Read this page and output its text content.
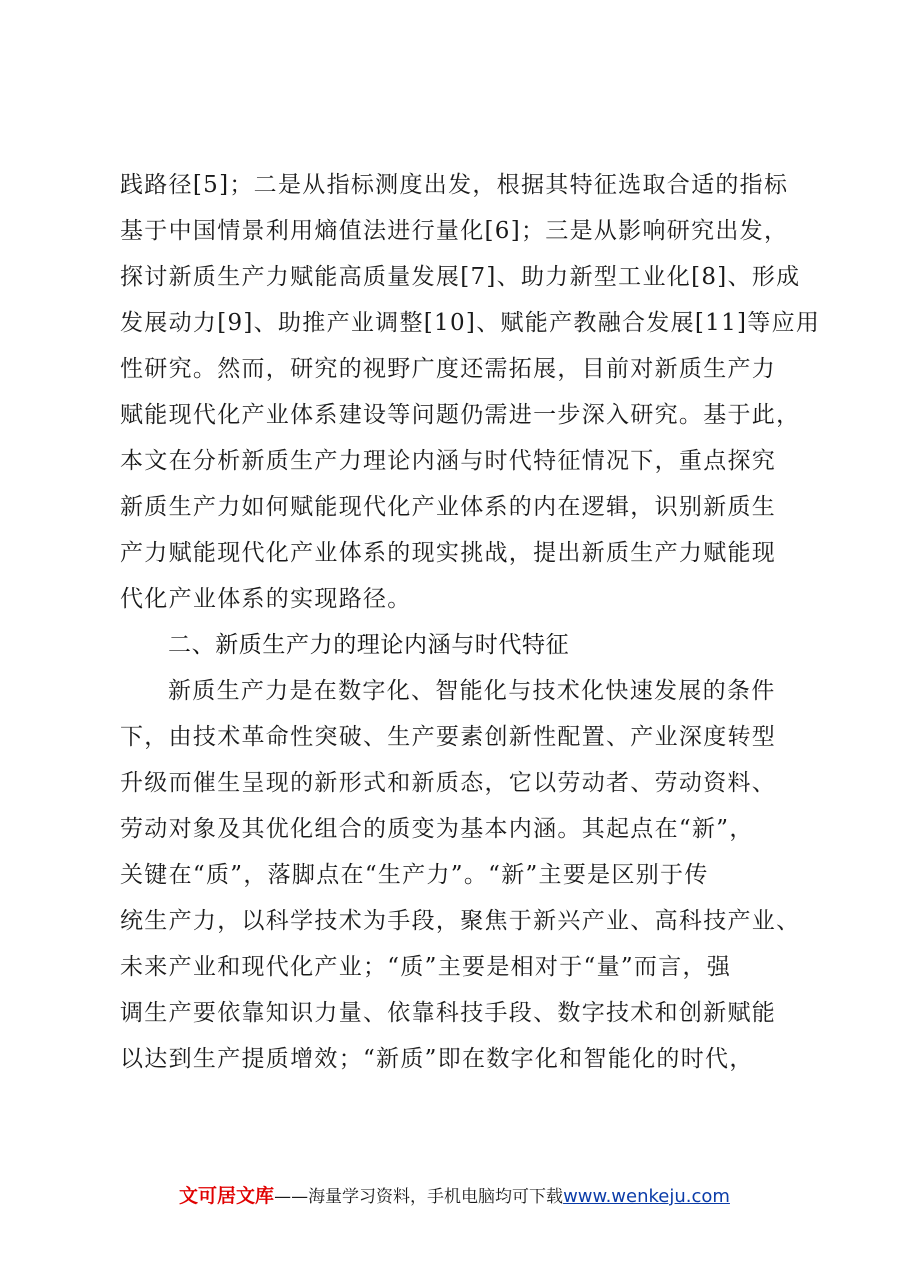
践路径[5]；二是从指标测度出发，根据其特征选取合适的指标
基于中国情景利用熵值法进行量化[6]；三是从影响研究出发，
探讨新质生产力赋能高质量发展[7]、助力新型工业化[8]、形成
发展动力[9]、助推产业调整[10]、赋能产教融合发展[11]等应用
性研究。然而，研究的视野广度还需拓展，目前对新质生产力
赋能现代化产业体系建设等问题仍需进一步深入研究。基于此，
本文在分析新质生产力理论内涵与时代特征情况下，重点探究
新质生产力如何赋能现代化产业体系的内在逻辑，识别新质生
产力赋能现代化产业体系的现实挑战，提出新质生产力赋能现
代化产业体系的实现路径。
二、新质生产力的理论内涵与时代特征
新质生产力是在数字化、智能化与技术化快速发展的条件
下，由技术革命性突破、生产要素创新性配置、产业深度转型
升级而催生呈现的新形式和新质态，它以劳动者、劳动资料、
劳动对象及其优化组合的质变为基本内涵。其起点在“新”，
关键在“质”，落脚点在“生产力”。“新”主要是区别于传
统生产力，以科学技术为手段，聚焦于新兴产业、高科技产业、
未来产业和现代化产业；“质”主要是相对于“量”而言，强
调生产要依靠知识力量、依靠科技手段、数字技术和创新赋能
以达到生产提质增效；“新质”即在数字化和智能化的时代，
文可居文库——海量学习资料，手机电脑均可下载www.wenkeju.com
